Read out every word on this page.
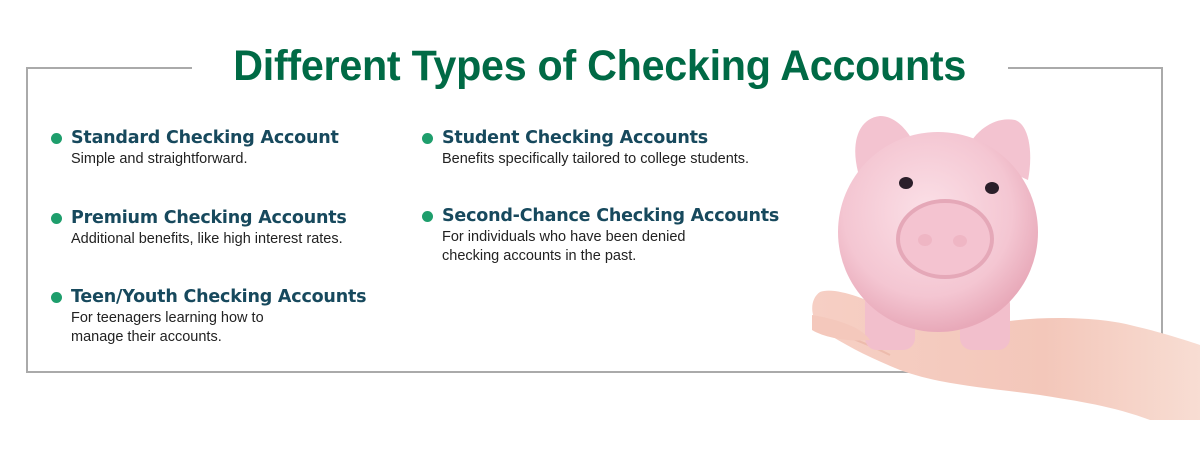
Different Types of Checking Accounts
Standard Checking Account
Simple and straightforward.
Premium Checking Accounts
Additional benefits, like high interest rates.
Teen/Youth Checking Accounts
For teenagers learning how to manage their accounts.
Student Checking Accounts
Benefits specifically tailored to college students.
Second-Chance Checking Accounts
For individuals who have been denied checking accounts in the past.
